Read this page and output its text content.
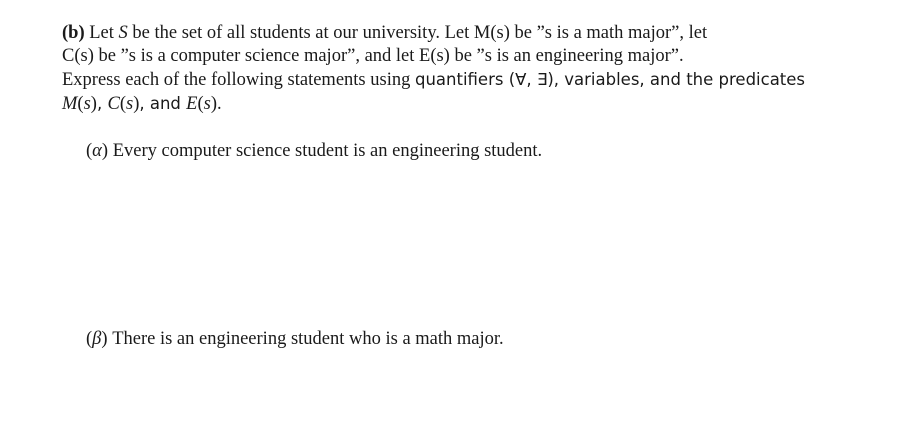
(b) Let S be the set of all students at our university. Let M(s) be ”s is a math major”, let
C(s) be ”s is a computer science major”, and let E(s) be ”s is an engineering major”.
Express each of the following statements using quantifiers (∀, ∃), variables, and the predicates
M(s), C(s), and E(s).
(α) Every computer science student is an engineering student.
(β) There is an engineering student who is a math major.
